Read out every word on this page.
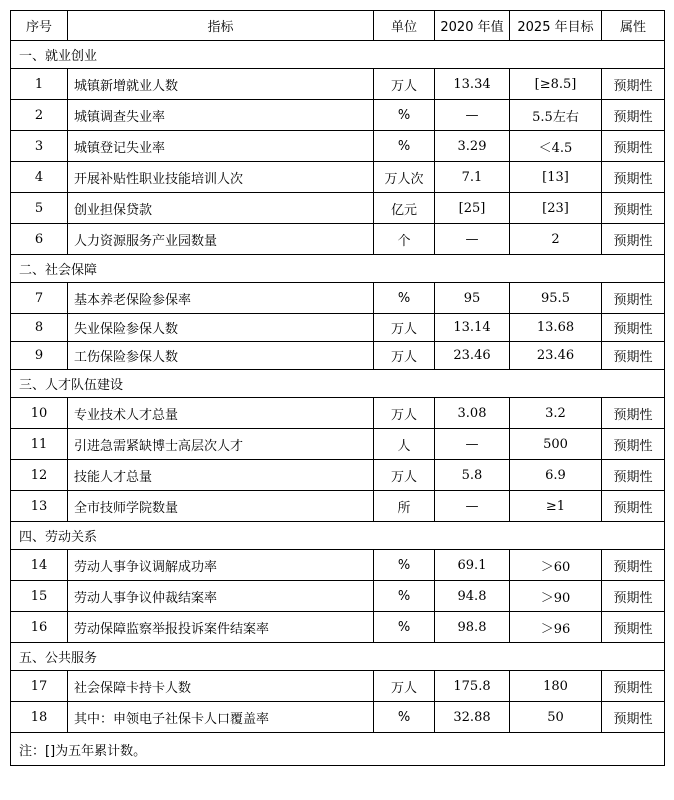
序号	指标	单位	2020 年值	2025 年目标	属性
一、就业创业					
1	城镇新增就业人数	万人	13.34	[≥8.5]	预期性
2	城镇调查失业率	%	—	5.5左右	预期性
3	城镇登记失业率	%	3.29	＜4.5	预期性
4	开展补贴性职业技能培训人次	万人次	7.1	[13]	预期性
5	创业担保贷款	亿元	[25]	[23]	预期性
6	人力资源服务产业园数量	个	—	2	预期性
二、社会保障					
7	基本养老保险参保率	%	95	95.5	预期性
8	失业保险参保人数	万人	13.14	13.68	预期性
9	工伤保险参保人数	万人	23.46	23.46	预期性
三、人才队伍建设					
10	专业技术人才总量	万人	3.08	3.2	预期性
11	引进急需紧缺博士高层次人才	人	—	500	预期性
12	技能人才总量	万人	5.8	6.9	预期性
13	全市技师学院数量	所	—	≥1	预期性
四、劳动关系					
14	劳动人事争议调解成功率	%	69.1	＞60	预期性
15	劳动人事争议仲裁结案率	%	94.8	＞90	预期性
16	劳动保障监察举报投诉案件结案率	%	98.8	＞96	预期性
五、公共服务					
17	社会保障卡持卡人数	万人	175.8	180	预期性
18	其中：申领电子社保卡人口覆盖率	%	32.88	50	预期性
注：[]为五年累计数。					
